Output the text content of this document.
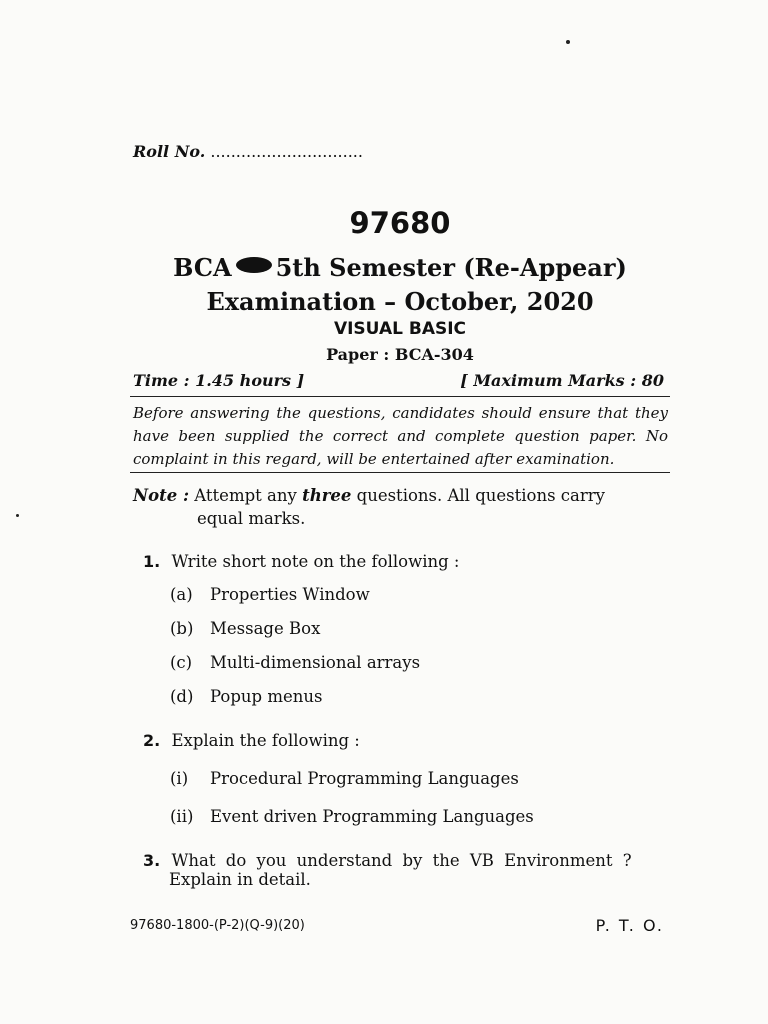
Roll No. ..............................
97680
BCA 5th Semester (Re-Appear)
Examination – October, 2020
VISUAL BASIC
Paper : BCA-304
Time : 1.45 hours ]	[ Maximum Marks : 80
Before answering the questions, candidates should ensure that they have been supplied the correct and complete question paper. No complaint in this regard, will be entertained after examination.
Note : Attempt any three questions. All questions carry
equal marks.
1. Write short note on the following :
(a) Properties Window
(b) Message Box
(c) Multi-dimensional arrays
(d) Popup menus
2. Explain the following :
(i) Procedural Programming Languages
(ii) Event driven Programming Languages
3. What do you understand by the VB Environment ?
Explain in detail.
97680-1800-(P-2)(Q-9)(20)	P. T. O.
